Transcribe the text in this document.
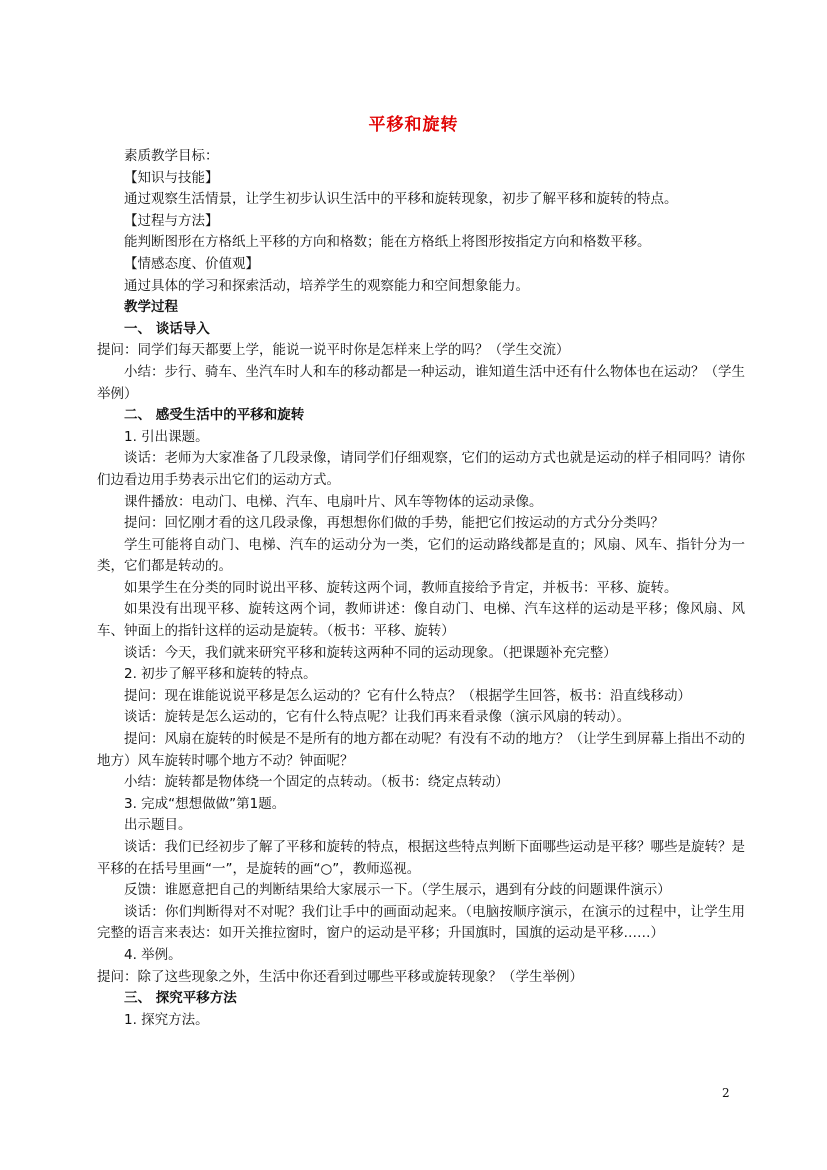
平移和旋转

素质教学目标：

【知识与技能】

通过观察生活情景，让学生初步认识生活中的平移和旋转现象，初步了解平移和旋转的特点。

【过程与方法】

能判断图形在方格纸上平移的方向和格数；能在方格纸上将图形按指定方向和格数平移。

【情感态度、价值观】

通过具体的学习和探索活动，培养学生的观察能力和空间想象能力。

教学过程

一、 谈话导入

提问：同学们每天都要上学，能说一说平时你是怎样来上学的吗？（学生交流）

小结：步行、骑车、坐汽车时人和车的移动都是一种运动，谁知道生活中还有什么物体也在运动？（学生举例）

二、 感受生活中的平移和旋转

1. 引出课题。

谈话：老师为大家准备了几段录像，请同学们仔细观察，它们的运动方式也就是运动的样子相同吗？请你们边看边用手势表示出它们的运动方式。

课件播放：电动门、电梯、汽车、电扇叶片、风车等物体的运动录像。

提问：回忆刚才看的这几段录像，再想想你们做的手势，能把它们按运动的方式分分类吗？

学生可能将自动门、电梯、汽车的运动分为一类，它们的运动路线都是直的；风扇、风车、指针分为一类，它们都是转动的。

如果学生在分类的同时说出平移、旋转这两个词，教师直接给予肯定，并板书：平移、旋转。

如果没有出现平移、旋转这两个词，教师讲述：像自动门、电梯、汽车这样的运动是平移；像风扇、风车、钟面上的指针这样的运动是旋转。（板书：平移、旋转）

谈话：今天，我们就来研究平移和旋转这两种不同的运动现象。（把课题补充完整）

2. 初步了解平移和旋转的特点。

提问：现在谁能说说平移是怎么运动的？它有什么特点？（根据学生回答，板书：沿直线移动）

谈话：旋转是怎么运动的，它有什么特点呢？让我们再来看录像（演示风扇的转动）。

提问：风扇在旋转的时候是不是所有的地方都在动呢？有没有不动的地方？（让学生到屏幕上指出不动的地方）风车旋转时哪个地方不动？钟面呢？

小结：旋转都是物体绕一个固定的点转动。（板书：绕定点转动）

3. 完成“想想做做”第1题。

出示题目。

谈话：我们已经初步了解了平移和旋转的特点，根据这些特点判断下面哪些运动是平移？哪些是旋转？是平移的在括号里画“一”，是旋转的画“○”，教师巡视。

反馈：谁愿意把自己的判断结果给大家展示一下。（学生展示，遇到有分歧的问题课件演示）

谈话：你们判断得对不对呢？我们让手中的画面动起来。（电脑按顺序演示，在演示的过程中，让学生用完整的语言来表达：如开关推拉窗时，窗户的运动是平移；升国旗时，国旗的运动是平移……）

4. 举例。

提问：除了这些现象之外，生活中你还看到过哪些平移或旋转现象？（学生举例）

三、 探究平移方法

1. 探究方法。

2
